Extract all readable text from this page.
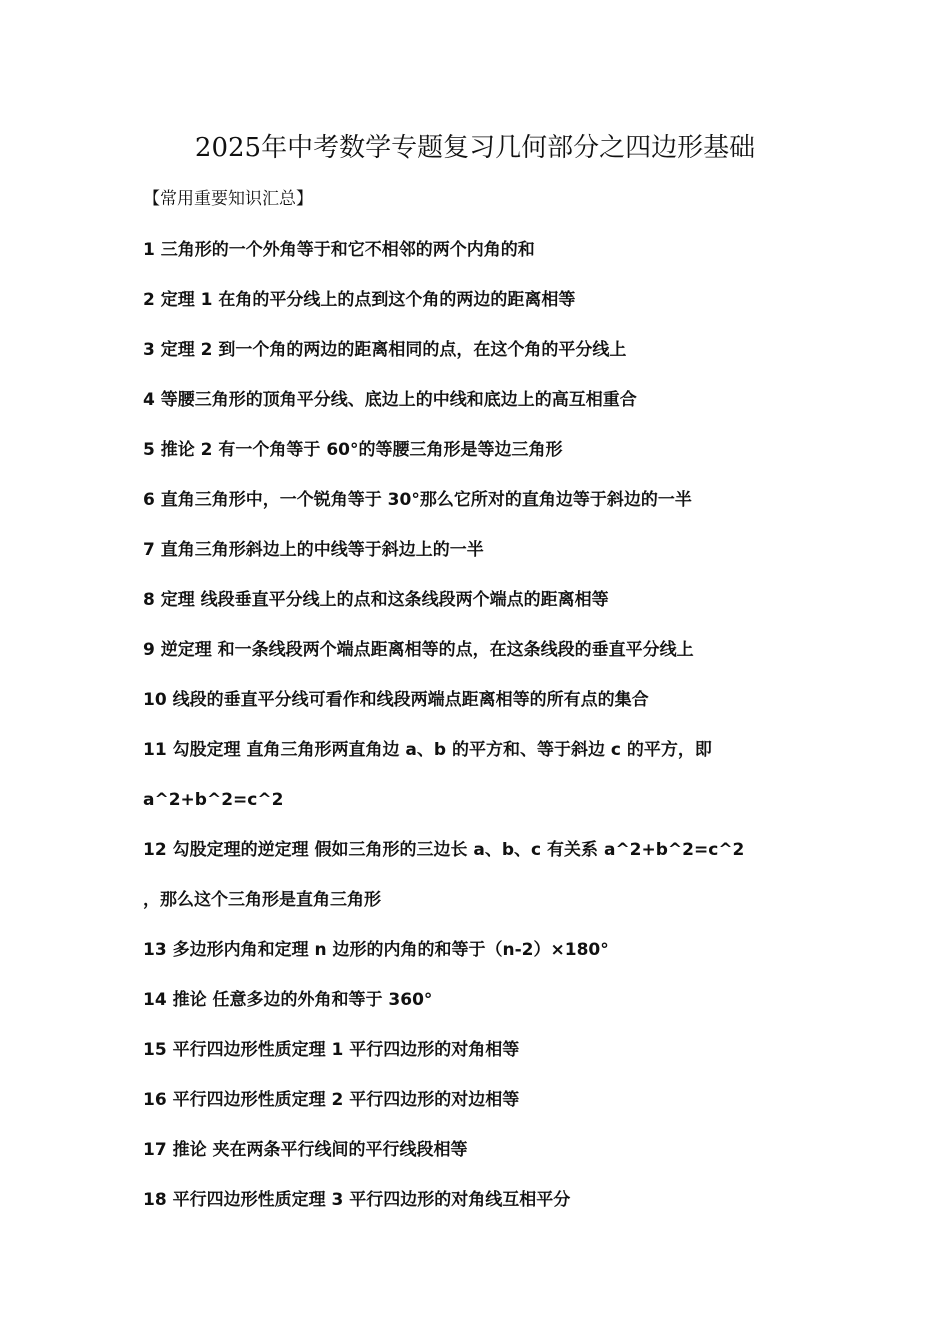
2025年中考数学专题复习几何部分之四边形基础
【常用重要知识汇总】
1 三角形的一个外角等于和它不相邻的两个内角的和
2 定理 1 在角的平分线上的点到这个角的两边的距离相等
3 定理 2 到一个角的两边的距离相同的点，在这个角的平分线上
4 等腰三角形的顶角平分线、底边上的中线和底边上的高互相重合
5 推论 2 有一个角等于 60°的等腰三角形是等边三角形
6 直角三角形中，一个锐角等于 30°那么它所对的直角边等于斜边的一半
7 直角三角形斜边上的中线等于斜边上的一半
8 定理 线段垂直平分线上的点和这条线段两个端点的距离相等
9 逆定理 和一条线段两个端点距离相等的点，在这条线段的垂直平分线上
10 线段的垂直平分线可看作和线段两端点距离相等的所有点的集合
11 勾股定理 直角三角形两直角边 a、b 的平方和、等于斜边 c 的平方，即
a^2+b^2=c^2
12 勾股定理的逆定理 假如三角形的三边长 a、b、c 有关系 a^2+b^2=c^2
，那么这个三角形是直角三角形
13 多边形内角和定理 n 边形的内角的和等于（n-2）×180°
14 推论 任意多边的外角和等于 360°
15 平行四边形性质定理 1 平行四边形的对角相等
16 平行四边形性质定理 2 平行四边形的对边相等
17 推论 夹在两条平行线间的平行线段相等
18 平行四边形性质定理 3 平行四边形的对角线互相平分
